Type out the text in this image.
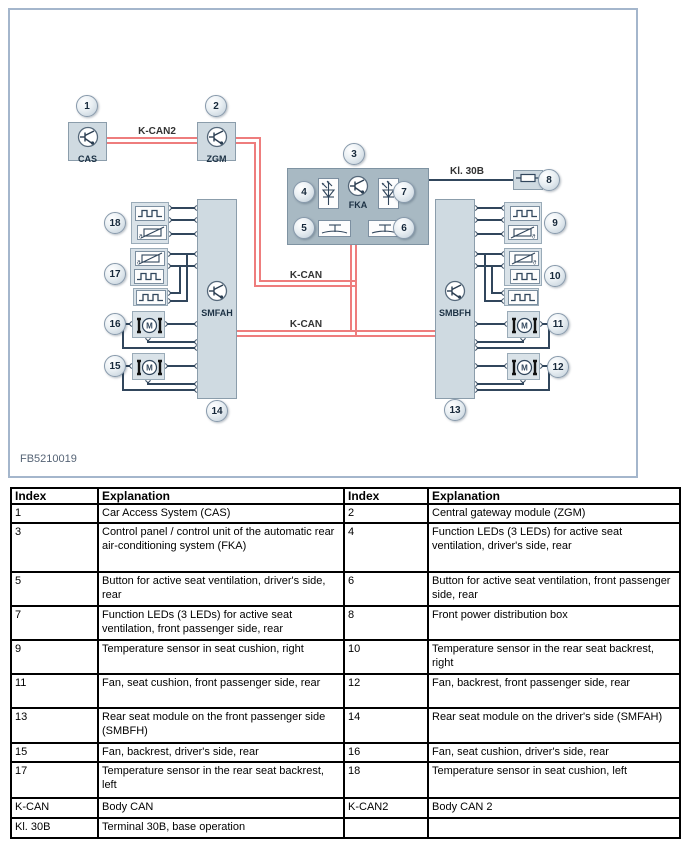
K-CAN2
K-CAN
K-CAN
Kl. 30B
CAS	ZGM
FKA
SMFAH	SMBFH
ϑ
ϑ
M
M
ϑ
ϑ
M
M
1	2
3
4
5	6
7
8
9
10
11
12
13
14
15
16
17
18
FB5210019
Index	Explanation	Index	Explanation
1	Car Access System (CAS)	2	Central gateway module (ZGM)
3	Control panel / control unit of the automatic rear air-conditioning system (FKA)	4	Function LEDs (3 LEDs) for active seat ventilation, driver's side, rear
5	Button for active seat ventilation, driver's side, rear	6	Button for active seat ventilation, front passenger side, rear
7	Function LEDs (3 LEDs) for active seat ventilation, front passenger side, rear	8	Front power distribution box
9	Temperature sensor in seat cushion, right	10	Temperature sensor in the rear seat backrest, right
11	Fan, seat cushion, front passenger side, rear	12	Fan, backrest, front passenger side, rear
13	Rear seat module on the front passenger side (SMBFH)	14	Rear seat module on the driver's side (SMFAH)
15	Fan, backrest, driver's side, rear	16	Fan, seat cushion, driver's side, rear
17	Temperature sensor in the rear seat backrest, left	18	Temperature sensor in seat cushion, left
K-CAN	Body CAN	K-CAN2	Body CAN 2
Kl. 30B	Terminal 30B, base operation		
